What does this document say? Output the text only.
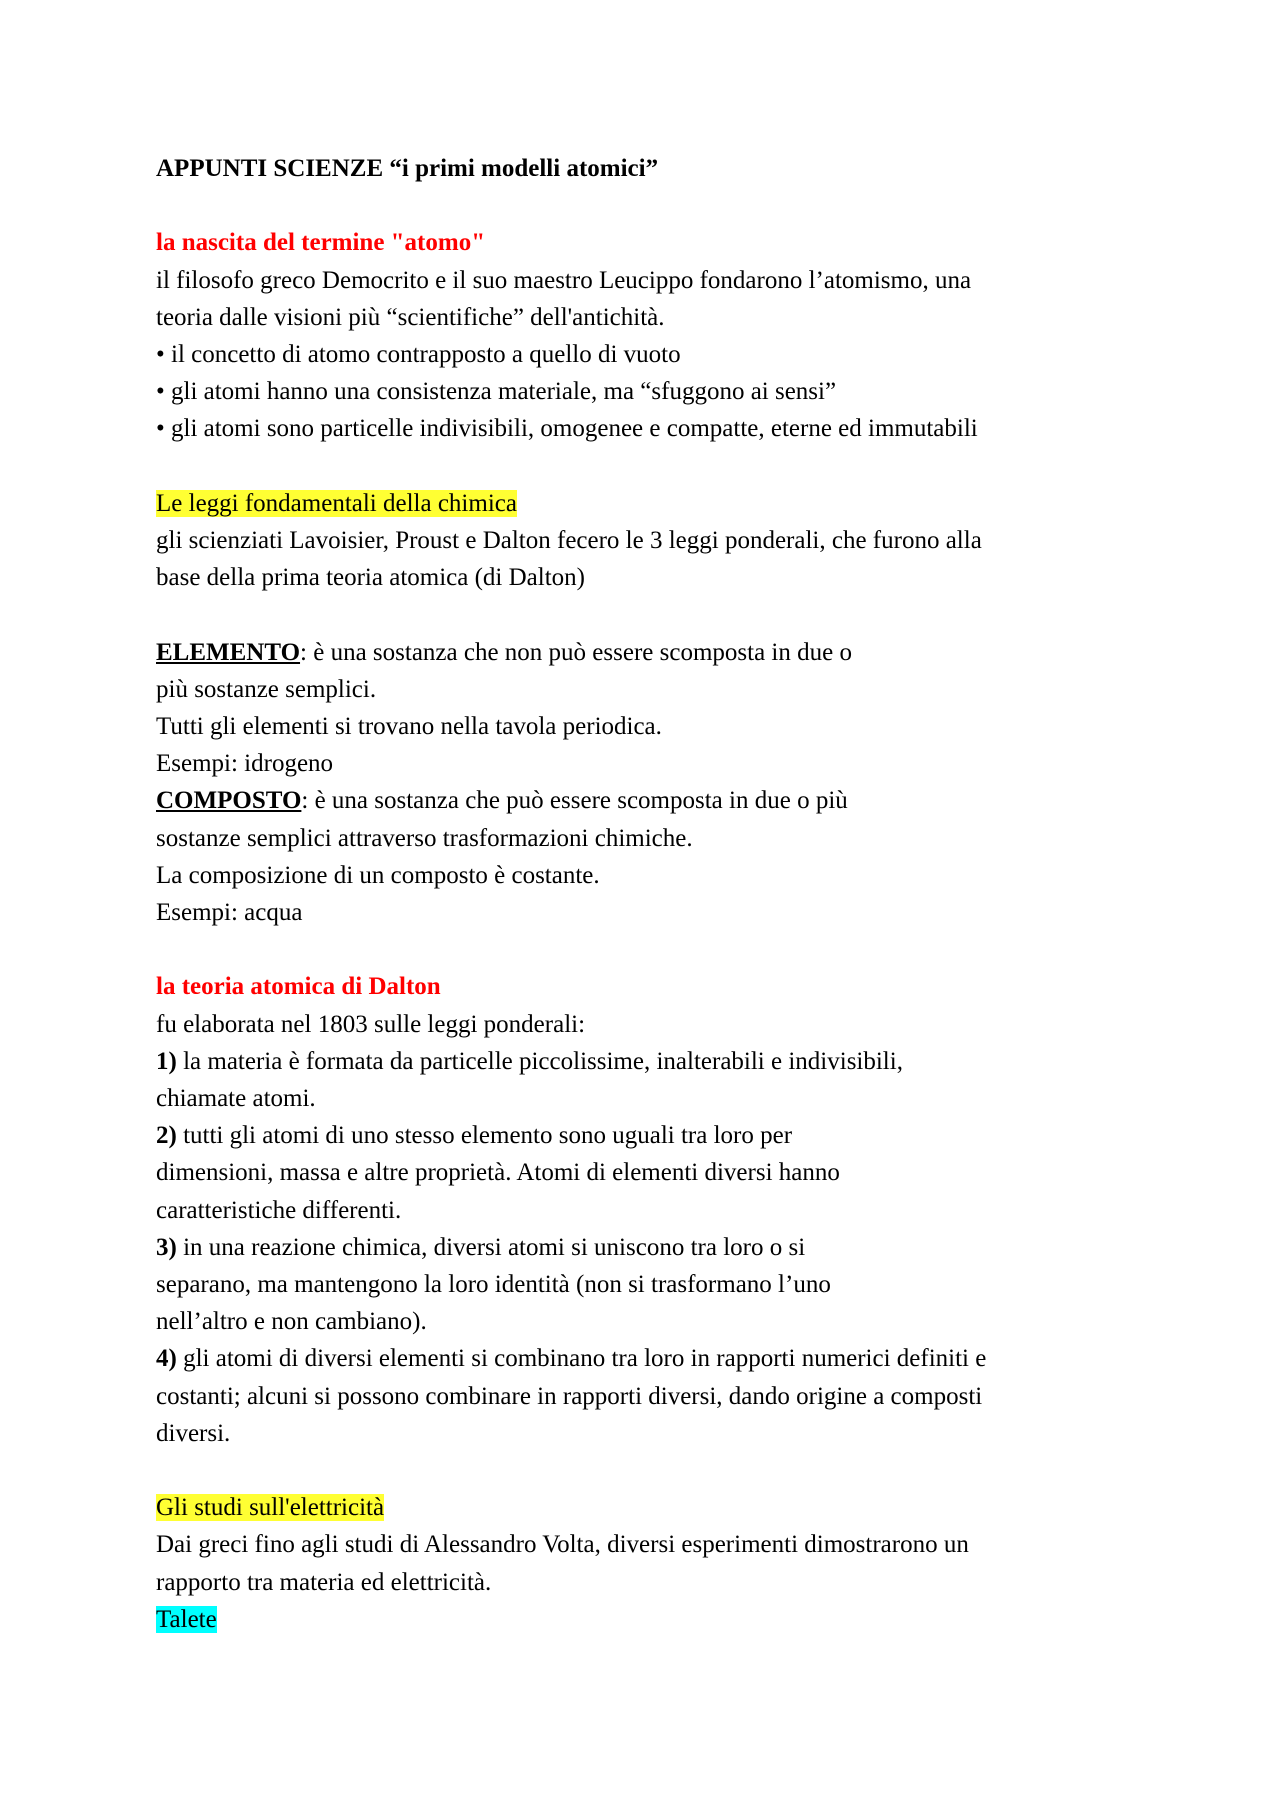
APPUNTI SCIENZE “i primi modelli atomici”

la nascita del termine "atomo"

il filosofo greco Democrito e il suo maestro Leucippo fondarono l’atomismo, una

teoria dalle visioni più “scientifiche” dell'antichità.

• il concetto di atomo contrapposto a quello di vuoto

• gli atomi hanno una consistenza materiale, ma “sfuggono ai sensi”

• gli atomi sono particelle indivisibili, omogenee e compatte, eterne ed immutabili

Le leggi fondamentali della chimica

gli scienziati Lavoisier, Proust e Dalton fecero le 3 leggi ponderali, che furono alla

base della prima teoria atomica (di Dalton)

ELEMENTO: è una sostanza che non può essere scomposta in due o

più sostanze semplici.

Tutti gli elementi si trovano nella tavola periodica.

Esempi: idrogeno

COMPOSTO: è una sostanza che può essere scomposta in due o più

sostanze semplici attraverso trasformazioni chimiche.

La composizione di un composto è costante.

Esempi: acqua

la teoria atomica di Dalton

fu elaborata nel 1803 sulle leggi ponderali:

1) la materia è formata da particelle piccolissime, inalterabili e indivisibili,

chiamate atomi.

2) tutti gli atomi di uno stesso elemento sono uguali tra loro per

dimensioni, massa e altre proprietà. Atomi di elementi diversi hanno

caratteristiche differenti.

3) in una reazione chimica, diversi atomi si uniscono tra loro o si

separano, ma mantengono la loro identità (non si trasformano l’uno

nell’altro e non cambiano).

4) gli atomi di diversi elementi si combinano tra loro in rapporti numerici definiti e

costanti; alcuni si possono combinare in rapporti diversi, dando origine a composti

diversi.

Gli studi sull'elettricità

Dai greci fino agli studi di Alessandro Volta, diversi esperimenti dimostrarono un

rapporto tra materia ed elettricità.

Talete
